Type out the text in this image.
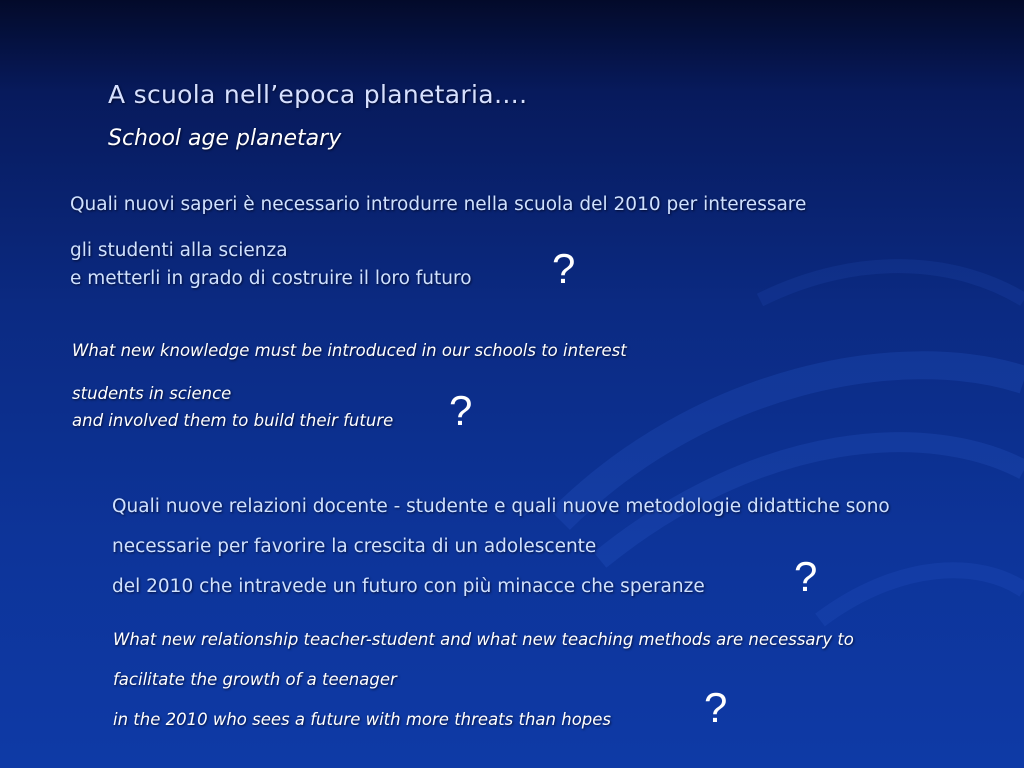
A scuola nell’epoca planetaria….

School age planetary

Quali nuovi saperi è necessario introdurre nella scuola del 2010 per interessare

gli studenti alla scienza

e metterli in grado di costruire il loro futuro ?

What new knowledge must be introduced in our schools to interest

students in science

and involved them to build their future ?

Quali nuove relazioni docente - studente e quali nuove metodologie didattiche sono

necessarie per favorire la crescita di un adolescente

del 2010 che intravede un futuro con più minacce che speranze ?

What new relationship teacher-student and what new teaching methods are necessary to

facilitate the growth of a teenager

in the 2010 who sees a future with more threats than hopes ?
